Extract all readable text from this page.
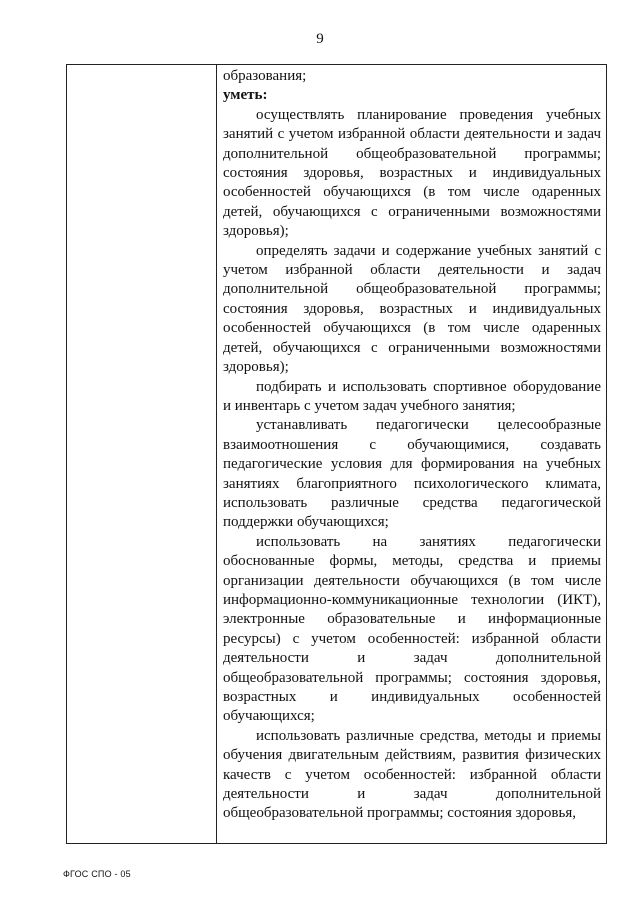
9

образования;

уметь:

осуществлять планирование проведения учебных занятий с учетом избранной области деятельности и задач дополнительной общеобразовательной программы; состояния здоровья, возрастных и индивидуальных особенностей обучающихся (в том числе одаренных детей, обучающихся с ограниченными возможностями здоровья);

определять задачи и содержание учебных занятий с учетом избранной области деятельности и задач дополнительной общеобразовательной программы; состояния здоровья, возрастных и индивидуальных особенностей обучающихся (в том числе одаренных детей, обучающихся с ограниченными возможностями здоровья);

подбирать и использовать спортивное оборудование и инвентарь с учетом задач учебного занятия;

устанавливать педагогически целесообразные взаимоотношения с обучающимися, создавать педагогические условия для формирования на учебных занятиях благоприятного психологического климата, использовать различные средства педагогической поддержки обучающихся;

использовать на занятиях педагогически обоснованные формы, методы, средства и приемы организации деятельности обучающихся (в том числе информационно-коммуникационные технологии (ИКТ), электронные образовательные и информационные ресурсы) с учетом особенностей: избранной области деятельности и задач дополнительной общеобразовательной программы; состояния здоровья, возрастных и индивидуальных особенностей обучающихся;

использовать различные средства, методы и приемы обучения двигательным действиям, развития физических качеств с учетом особенностей: избранной области деятельности и задач дополнительной общеобразовательной программы; состояния здоровья,

ФГОС СПО - 05
